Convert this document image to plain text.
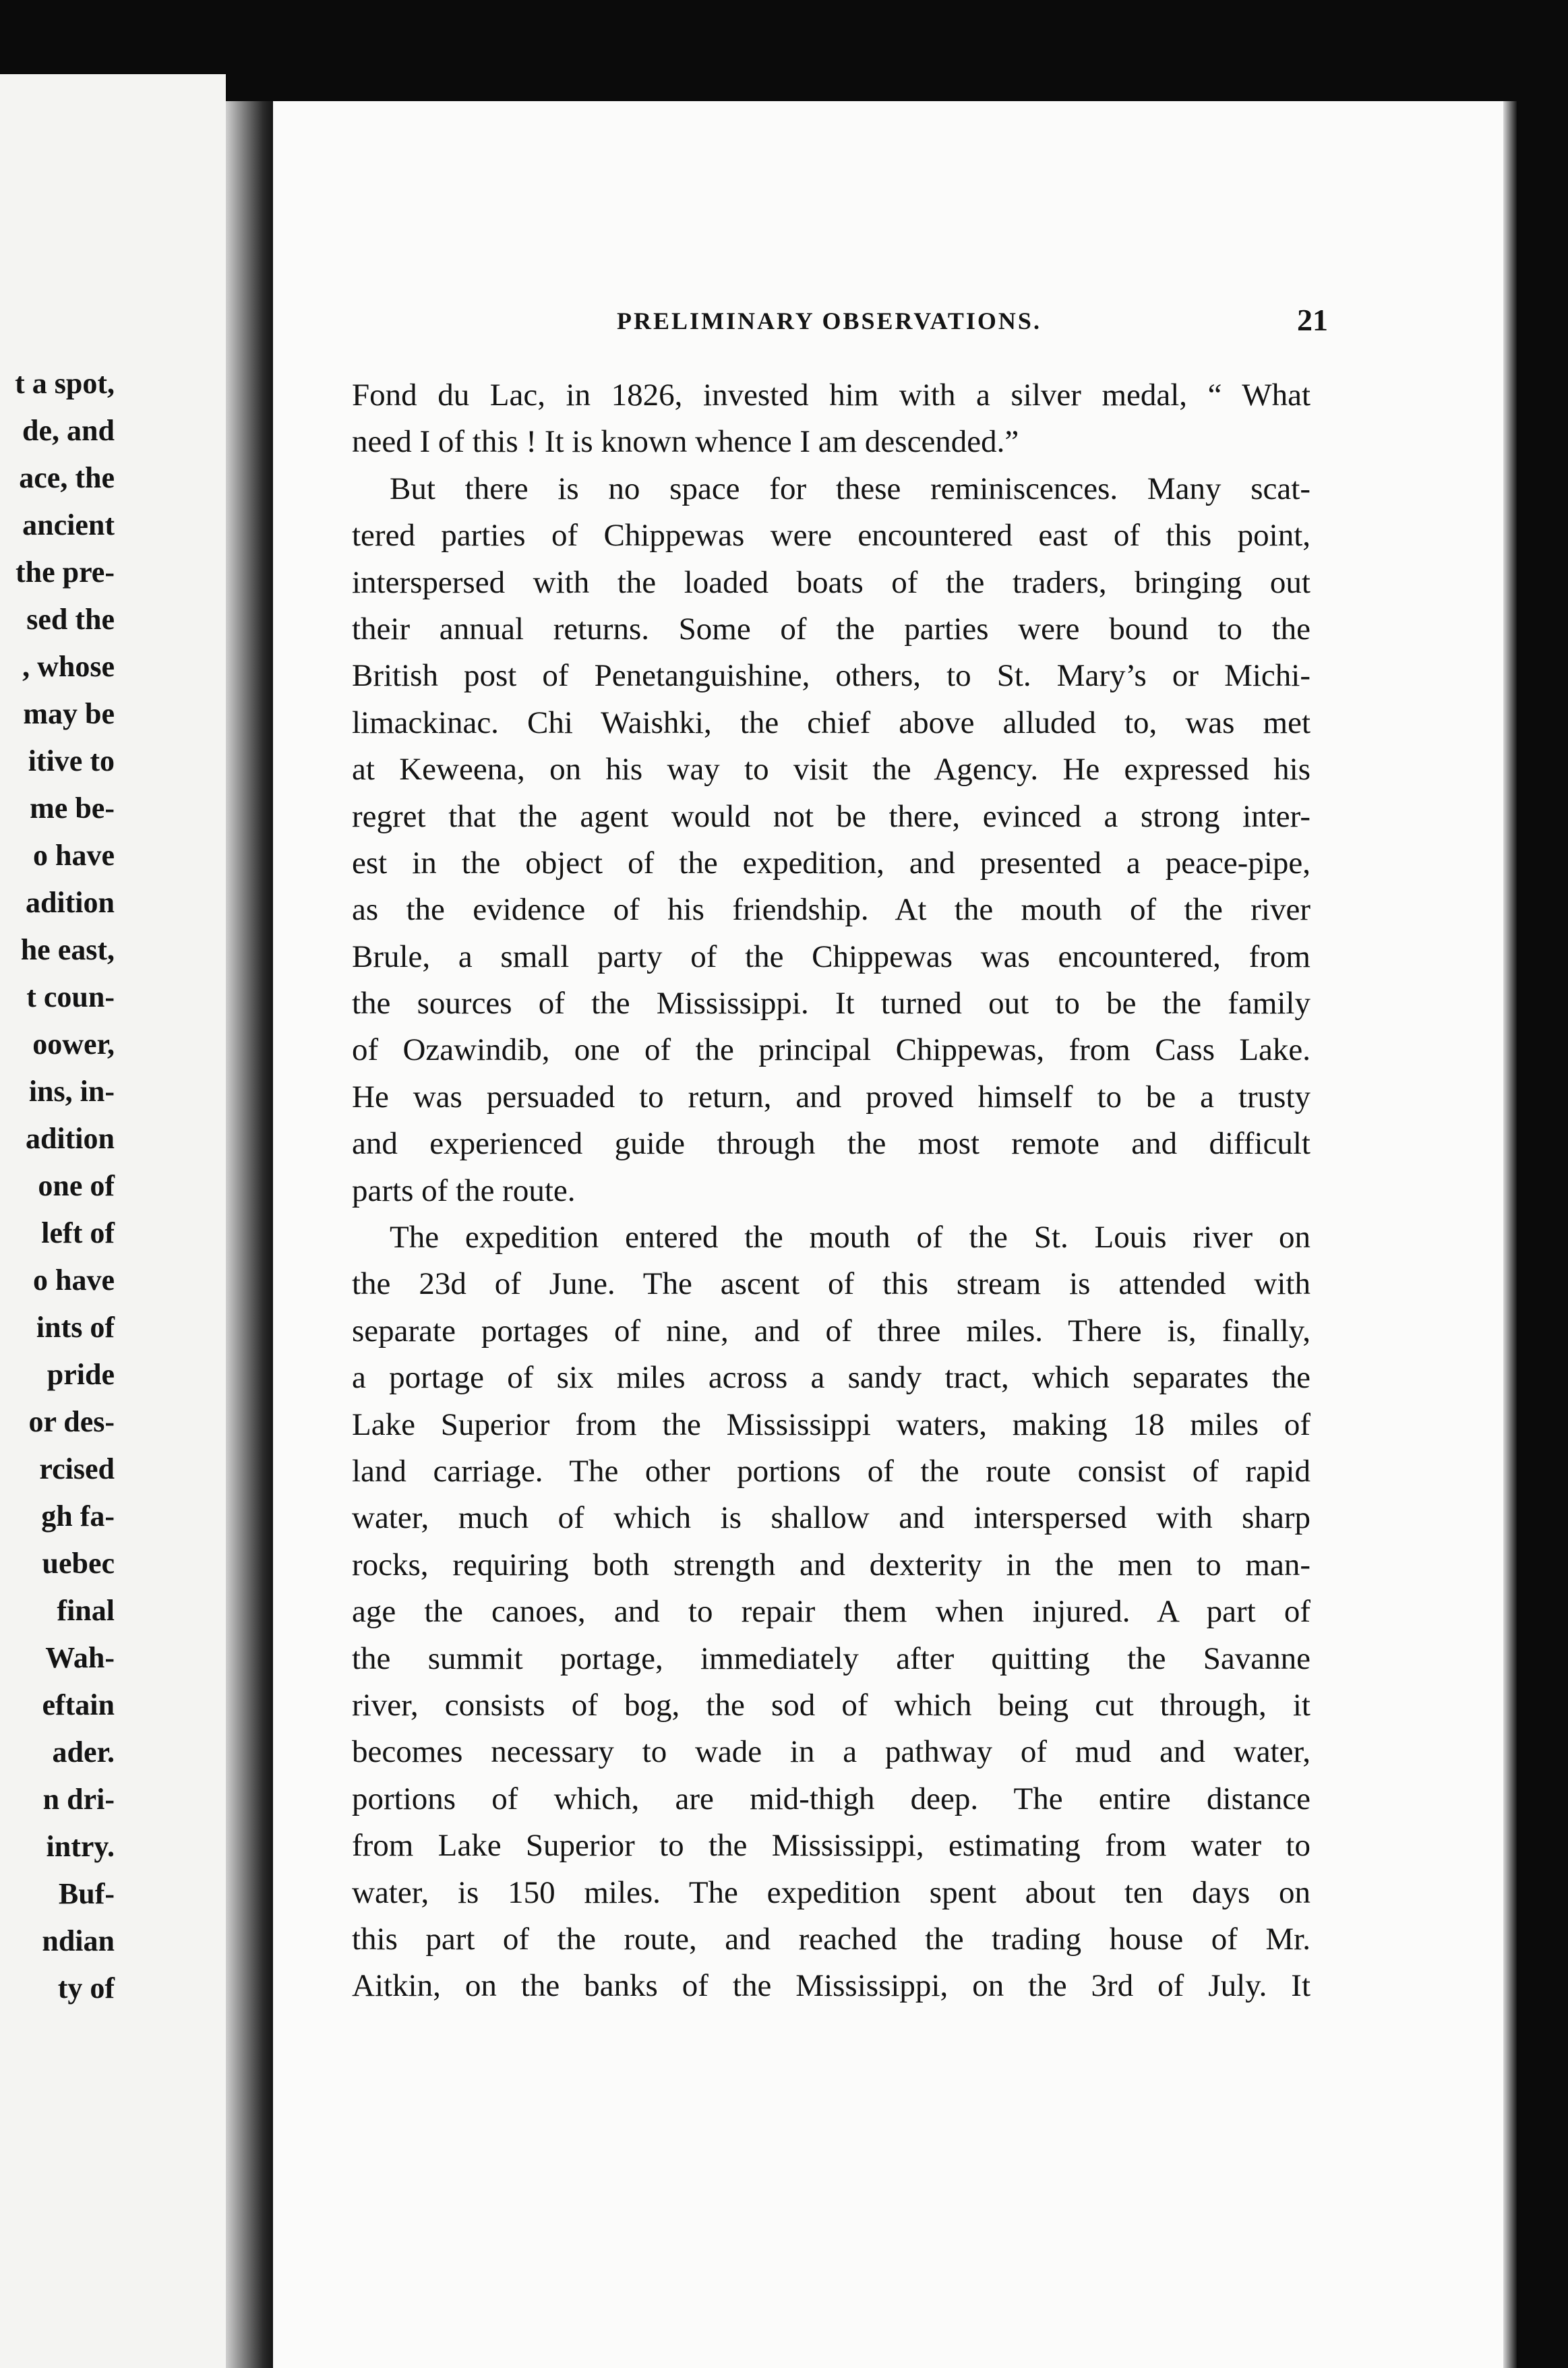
t a spot,
de, and
ace, the
ancient
the pre-
sed the
, whose
may be
itive to
me be-
o have
adition
he east,
t coun-
oower,
ins, in-
adition
one of
left of
o have
ints of
pride
or des-
rcised
gh fa-
uebec
final
Wah-
eftain
ader.
n dri-
intry.
Buf-
ndian
ty of
PRELIMINARY OBSERVATIONS.	21
Fond du Lac, in 1826, invested him with a silver medal, “ What
need I of this ! It is known whence I am descended.”
But there is no space for these reminiscences. Many scat-
tered parties of Chippewas were encountered east of this point,
interspersed with the loaded boats of the traders, bringing out
their annual returns. Some of the parties were bound to the
British post of Penetanguishine, others, to St. Mary’s or Michi-
limackinac. Chi Waishki, the chief above alluded to, was met
at Keweena, on his way to visit the Agency. He expressed his
regret that the agent would not be there, evinced a strong inter-
est in the object of the expedition, and presented a peace-pipe,
as the evidence of his friendship. At the mouth of the river
Brule, a small party of the Chippewas was encountered, from
the sources of the Mississippi. It turned out to be the family
of Ozawindib, one of the principal Chippewas, from Cass Lake.
He was persuaded to return, and proved himself to be a trusty
and experienced guide through the most remote and difficult
parts of the route.
The expedition entered the mouth of the St. Louis river on
the 23d of June. The ascent of this stream is attended with
separate portages of nine, and of three miles. There is, finally,
a portage of six miles across a sandy tract, which separates the
Lake Superior from the Mississippi waters, making 18 miles of
land carriage. The other portions of the route consist of rapid
water, much of which is shallow and interspersed with sharp
rocks, requiring both strength and dexterity in the men to man-
age the canoes, and to repair them when injured. A part of
the summit portage, immediately after quitting the Savanne
river, consists of bog, the sod of which being cut through, it
becomes necessary to wade in a pathway of mud and water,
portions of which, are mid-thigh deep. The entire distance
from Lake Superior to the Mississippi, estimating from water to
water, is 150 miles. The expedition spent about ten days on
this part of the route, and reached the trading house of Mr.
Aitkin, on the banks of the Mississippi, on the 3rd of July. It
